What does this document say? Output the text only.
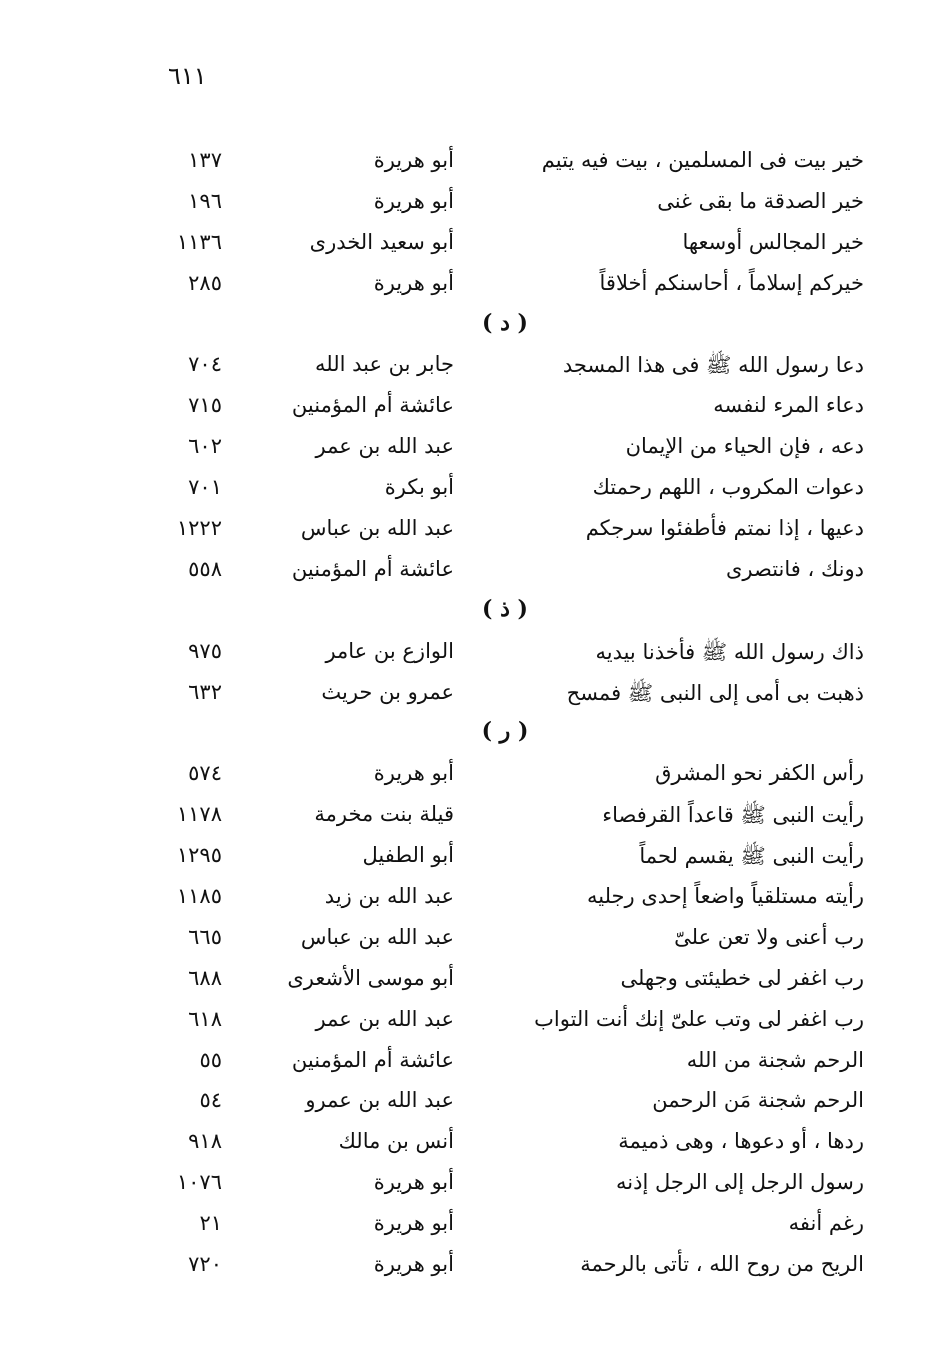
٦١١
خير بيت فى المسلمين ، بيت فيه يتيم
أبو هريرة
١٣٧
خير الصدقة ما بقى غنى
أبو هريرة
١٩٦
خير المجالس أوسعها
أبو سعيد الخدرى
١١٣٦
خيركم إسلاماً ، أحاسنكم أخلاقاً
أبو هريرة
٢٨٥
( د )
دعا رسول الله ﷺ فى هذا المسجد
جابر بن عبد الله
٧٠٤
دعاء المرء لنفسه
عائشة أم المؤمنين
٧١٥
دعه ، فإن الحياء من الإيمان
عبد الله بن عمر
٦٠٢
دعوات المكروب ، اللهم رحمتك
أبو بكرة
٧٠١
دعيها ، إذا نمتم فأطفئوا سرجكم
عبد الله بن عباس
١٢٢٢
دونك ، فانتصرى
عائشة أم المؤمنين
٥٥٨
( ذ )
ذاك رسول الله ﷺ فأخذنا بيديه
الوازع بن عامر
٩٧٥
ذهبت بى أمى إلى النبى ﷺ فمسح
عمرو بن حريث
٦٣٢
( ر )
رأس الكفر نحو المشرق
أبو هريرة
٥٧٤
رأيت النبى ﷺ قاعداً القرفصاء
قيلة بنت مخرمة
١١٧٨
رأيت النبى ﷺ يقسم لحماً
أبو الطفيل
١٢٩٥
رأيته مستلقياً واضعاً إحدى رجليه
عبد الله بن زيد
١١٨٥
رب أعنى ولا تعن علىّ
عبد الله بن عباس
٦٦٥
رب اغفر لى خطيئتى وجهلى
أبو موسى الأشعرى
٦٨٨
رب اغفر لى وتب علىّ إنك أنت التواب
عبد الله بن عمر
٦١٨
الرحم شجنة من الله
عائشة أم المؤمنين
٥٥
الرحم شجنة مَن الرحمن
عبد الله بن عمرو
٥٤
ردها ، أو دعوها ، وهى ذميمة
أنس بن مالك
٩١٨
رسول الرجل إلى الرجل إذنه
أبو هريرة
١٠٧٦
رغم أنفه
أبو هريرة
٢١
الريح من روح الله ، تأتى بالرحمة
أبو هريرة
٧٢٠
